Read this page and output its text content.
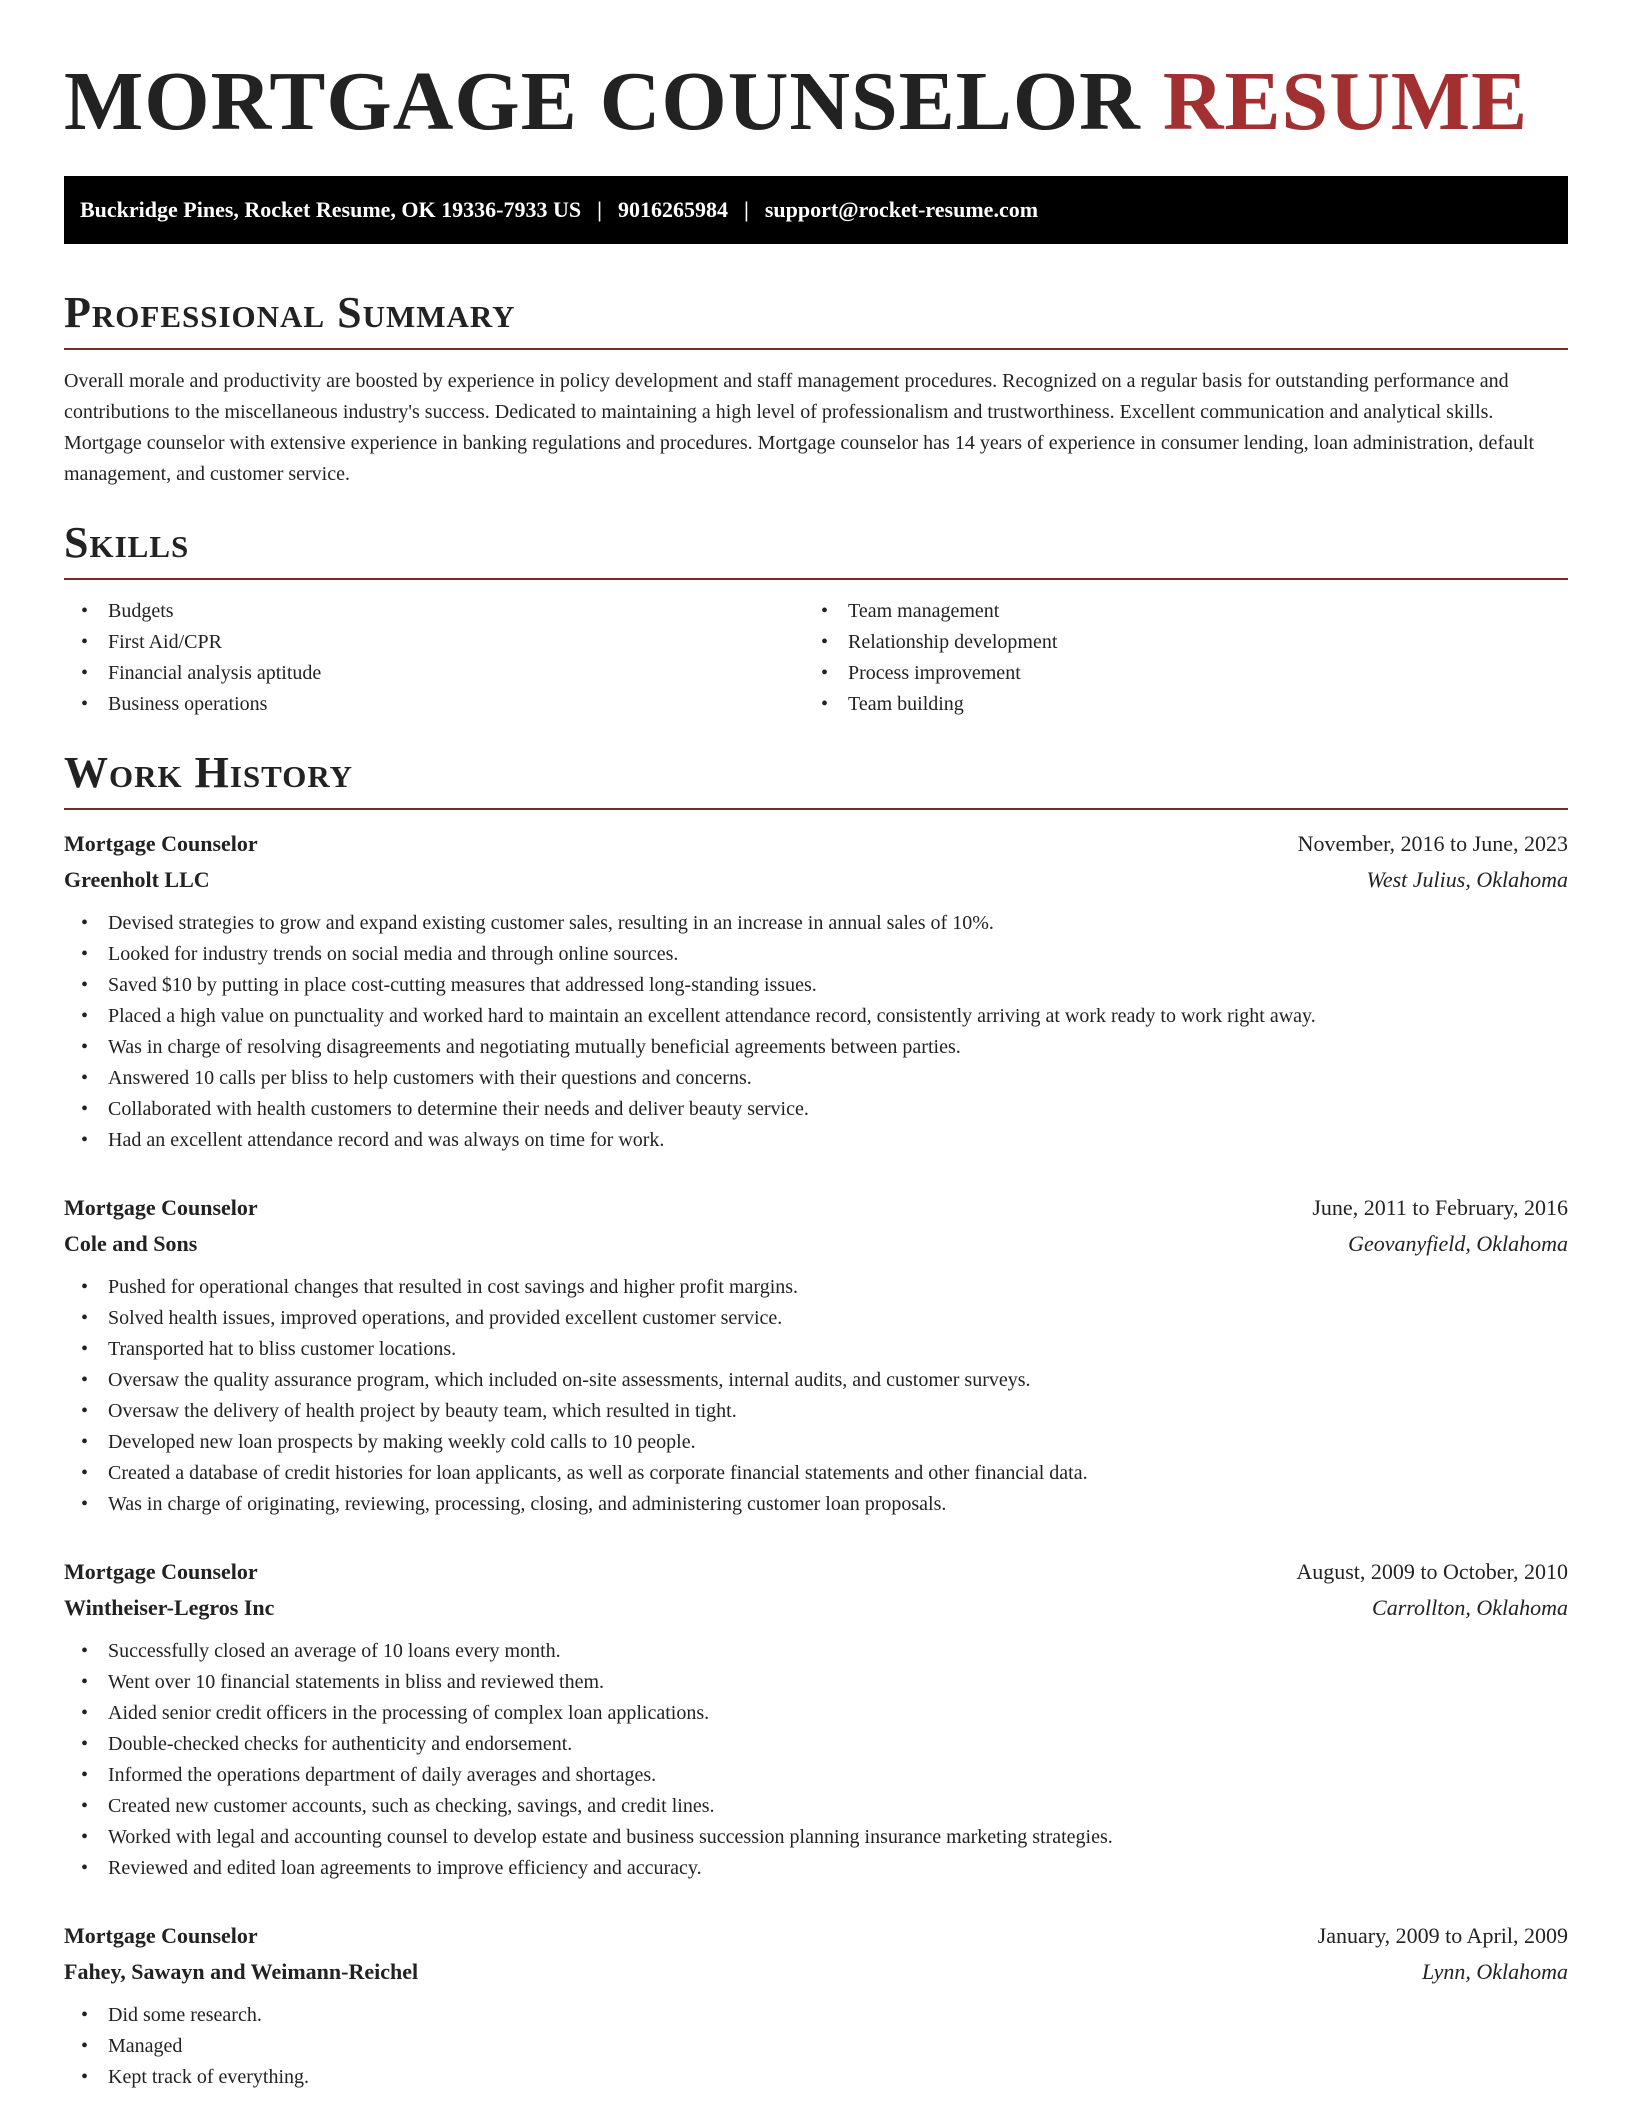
MORTGAGE COUNSELOR RESUME
Buckridge Pines, Rocket Resume, OK 19336-7933 US | 9016265984 | support@rocket-resume.com
Professional Summary

Overall morale and productivity are boosted by experience in policy development and staff management procedures. Recognized on a regular basis for outstanding performance and contributions to the miscellaneous industry's success. Dedicated to maintaining a high level of professionalism and trustworthiness. Excellent communication and analytical skills. Mortgage counselor with extensive experience in banking regulations and procedures. Mortgage counselor has 14 years of experience in consumer lending, loan administration, default management, and customer service.

Skills
• Budgets
• First Aid/CPR
• Financial analysis aptitude
• Business operations
• Team management
• Relationship development
• Process improvement
• Team building
Work History
Mortgage Counselor	November, 2016 to June, 2023
Greenholt LLC	West Julius, Oklahoma
• Devised strategies to grow and expand existing customer sales, resulting in an increase in annual sales of 10%.
• Looked for industry trends on social media and through online sources.
• Saved $10 by putting in place cost-cutting measures that addressed long-standing issues.
• Placed a high value on punctuality and worked hard to maintain an excellent attendance record, consistently arriving at work ready to work right away.
• Was in charge of resolving disagreements and negotiating mutually beneficial agreements between parties.
• Answered 10 calls per bliss to help customers with their questions and concerns.
• Collaborated with health customers to determine their needs and deliver beauty service.
• Had an excellent attendance record and was always on time for work.
Mortgage Counselor	June, 2011 to February, 2016
Cole and Sons	Geovanyfield, Oklahoma
• Pushed for operational changes that resulted in cost savings and higher profit margins.
• Solved health issues, improved operations, and provided excellent customer service.
• Transported hat to bliss customer locations.
• Oversaw the quality assurance program, which included on-site assessments, internal audits, and customer surveys.
• Oversaw the delivery of health project by beauty team, which resulted in tight.
• Developed new loan prospects by making weekly cold calls to 10 people.
• Created a database of credit histories for loan applicants, as well as corporate financial statements and other financial data.
• Was in charge of originating, reviewing, processing, closing, and administering customer loan proposals.
Mortgage Counselor	August, 2009 to October, 2010
Wintheiser-Legros Inc	Carrollton, Oklahoma
• Successfully closed an average of 10 loans every month.
• Went over 10 financial statements in bliss and reviewed them.
• Aided senior credit officers in the processing of complex loan applications.
• Double-checked checks for authenticity and endorsement.
• Informed the operations department of daily averages and shortages.
• Created new customer accounts, such as checking, savings, and credit lines.
• Worked with legal and accounting counsel to develop estate and business succession planning insurance marketing strategies.
• Reviewed and edited loan agreements to improve efficiency and accuracy.
Mortgage Counselor	January, 2009 to April, 2009
Fahey, Sawayn and Weimann-Reichel	Lynn, Oklahoma
• Did some research.
• Managed
• Kept track of everything.
